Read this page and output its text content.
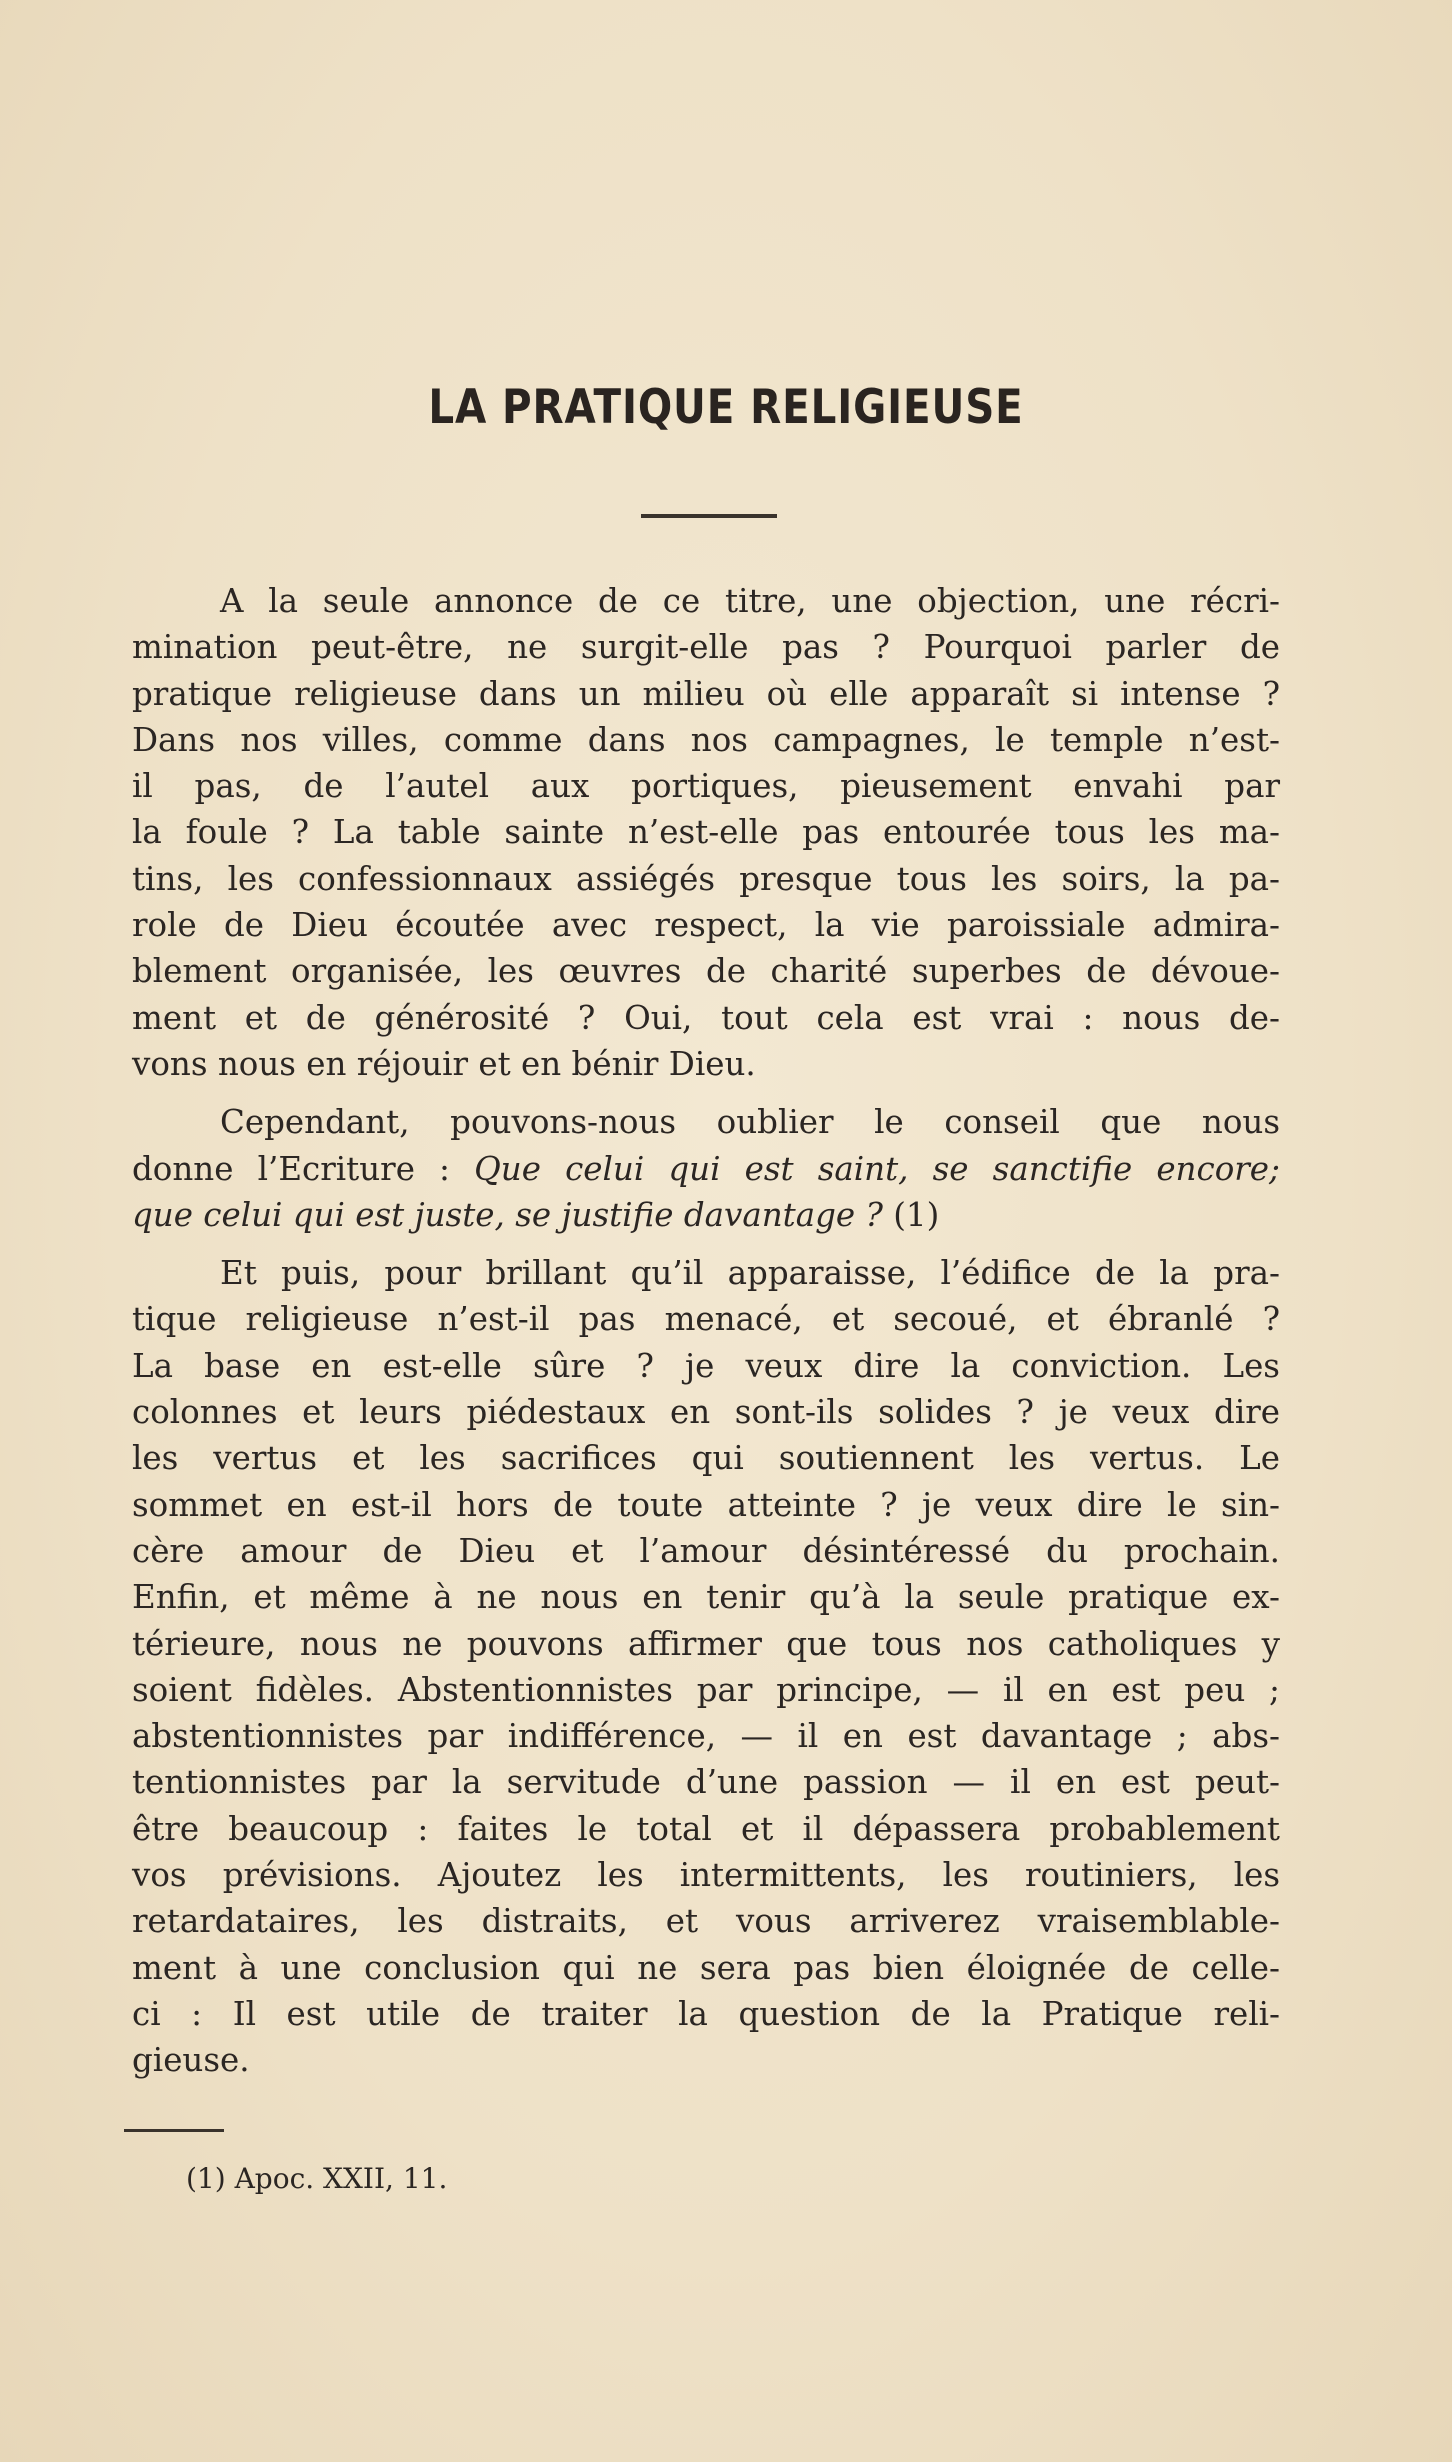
LA PRATIQUE RELIGIEUSE

A la seule annonce de ce titre, une objection, une récri-
mination peut-être, ne surgit-elle pas ? Pourquoi parler de
pratique religieuse dans un milieu où elle apparaît si intense ?
Dans nos villes, comme dans nos campagnes, le temple n’est-
il pas, de l’autel aux portiques, pieusement envahi par
la foule ? La table sainte n’est-elle pas entourée tous les ma-
tins, les confessionnaux assiégés presque tous les soirs, la pa-
role de Dieu écoutée avec respect, la vie paroissiale admira-
blement organisée, les œuvres de charité superbes de dévoue-
ment et de générosité ? Oui, tout cela est vrai : nous de-
vons nous en réjouir et en bénir Dieu.

Cependant, pouvons-nous oublier le conseil que nous
donne l’Ecriture : Que celui qui est saint, se sanctifie encore;
que celui qui est juste, se justifie davantage ? (1)

Et puis, pour brillant qu’il apparaisse, l’édifice de la pra-
tique religieuse n’est-il pas menacé, et secoué, et ébranlé ?
La base en est-elle sûre ? je veux dire la conviction. Les
colonnes et leurs piédestaux en sont-ils solides ? je veux dire
les vertus et les sacrifices qui soutiennent les vertus. Le
sommet en est-il hors de toute atteinte ? je veux dire le sin-
cère amour de Dieu et l’amour désintéressé du prochain.
Enfin, et même à ne nous en tenir qu’à la seule pratique ex-
térieure, nous ne pouvons affirmer que tous nos catholiques y
soient fidèles. Abstentionnistes par principe, — il en est peu ;
abstentionnistes par indifférence, — il en est davantage ; abs-
tentionnistes par la servitude d’une passion — il en est peut-
être beaucoup : faites le total et il dépassera probablement
vos prévisions. Ajoutez les intermittents, les routiniers, les
retardataires, les distraits, et vous arriverez vraisemblable-
ment à une conclusion qui ne sera pas bien éloignée de celle-
ci : Il est utile de traiter la question de la Pratique reli-
gieuse.

(1) Apoc. XXII, 11.
